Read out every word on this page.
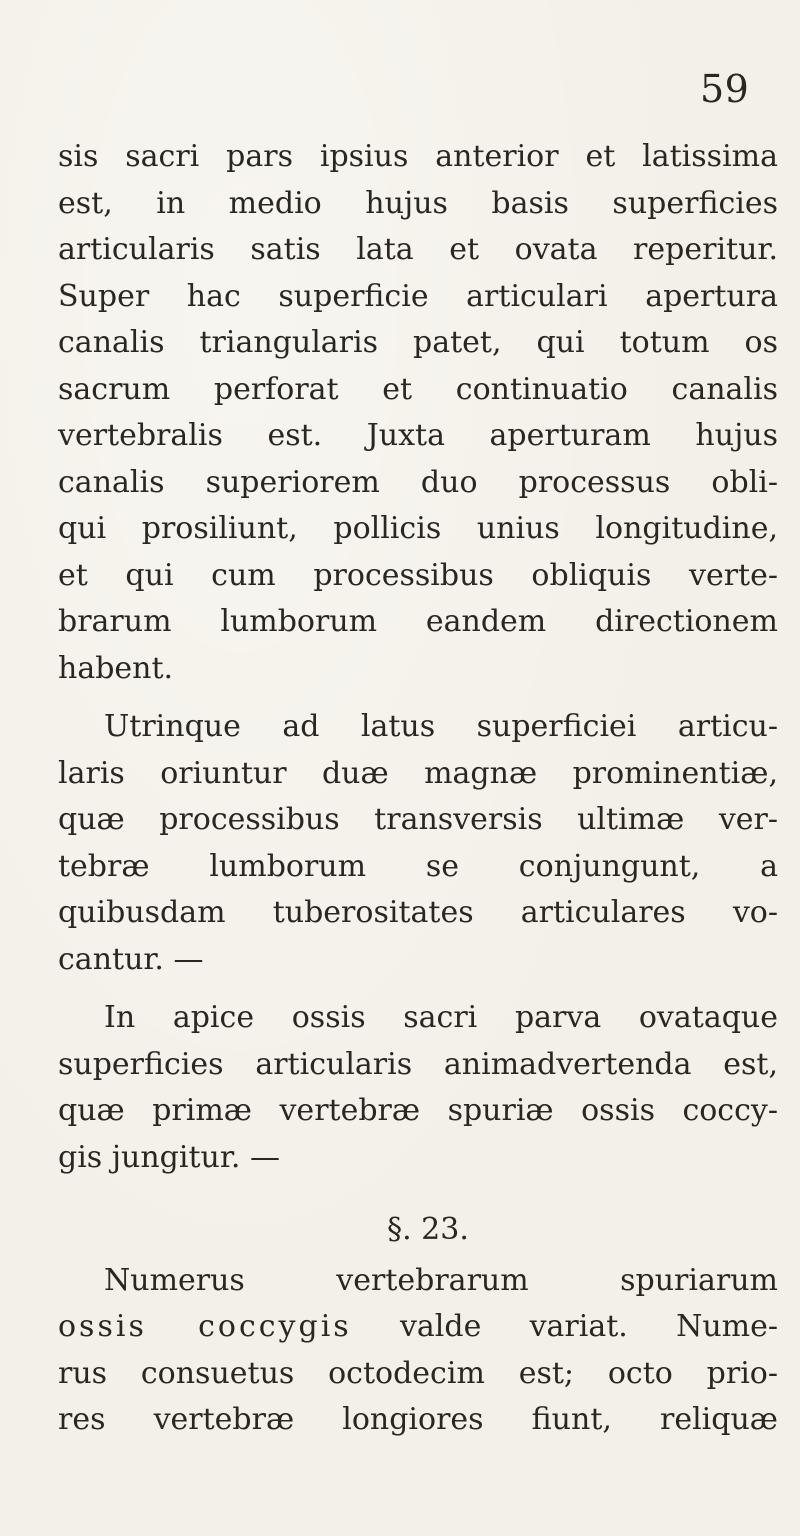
59
sis sacri pars ipsius anterior et latissima
est, in medio hujus basis superficies
articularis satis lata et ovata reperitur.
Super hac superficie articulari apertura
canalis triangularis patet, qui totum os
sacrum perforat et continuatio canalis
vertebralis est. Juxta aperturam hujus
canalis superiorem duo processus obli-
qui prosiliunt, pollicis unius longitudine,
et qui cum processibus obliquis verte-
brarum lumborum eandem directionem
habent.
Utrinque ad latus superficiei articu-
laris oriuntur duæ magnæ prominentiæ,
quæ processibus transversis ultimæ ver-
tebræ lumborum se conjungunt, a
quibusdam tuberositates articulares vo-
cantur. —
In apice ossis sacri parva ovataque
superficies articularis animadvertenda est,
quæ primæ vertebræ spuriæ ossis coccy-
gis jungitur. —
§. 23.
Numerus vertebrarum spuriarum
ossis coccygis valde variat. Nume-
rus consuetus octodecim est; octo prio-
res vertebræ longiores fiunt, reliquæ
